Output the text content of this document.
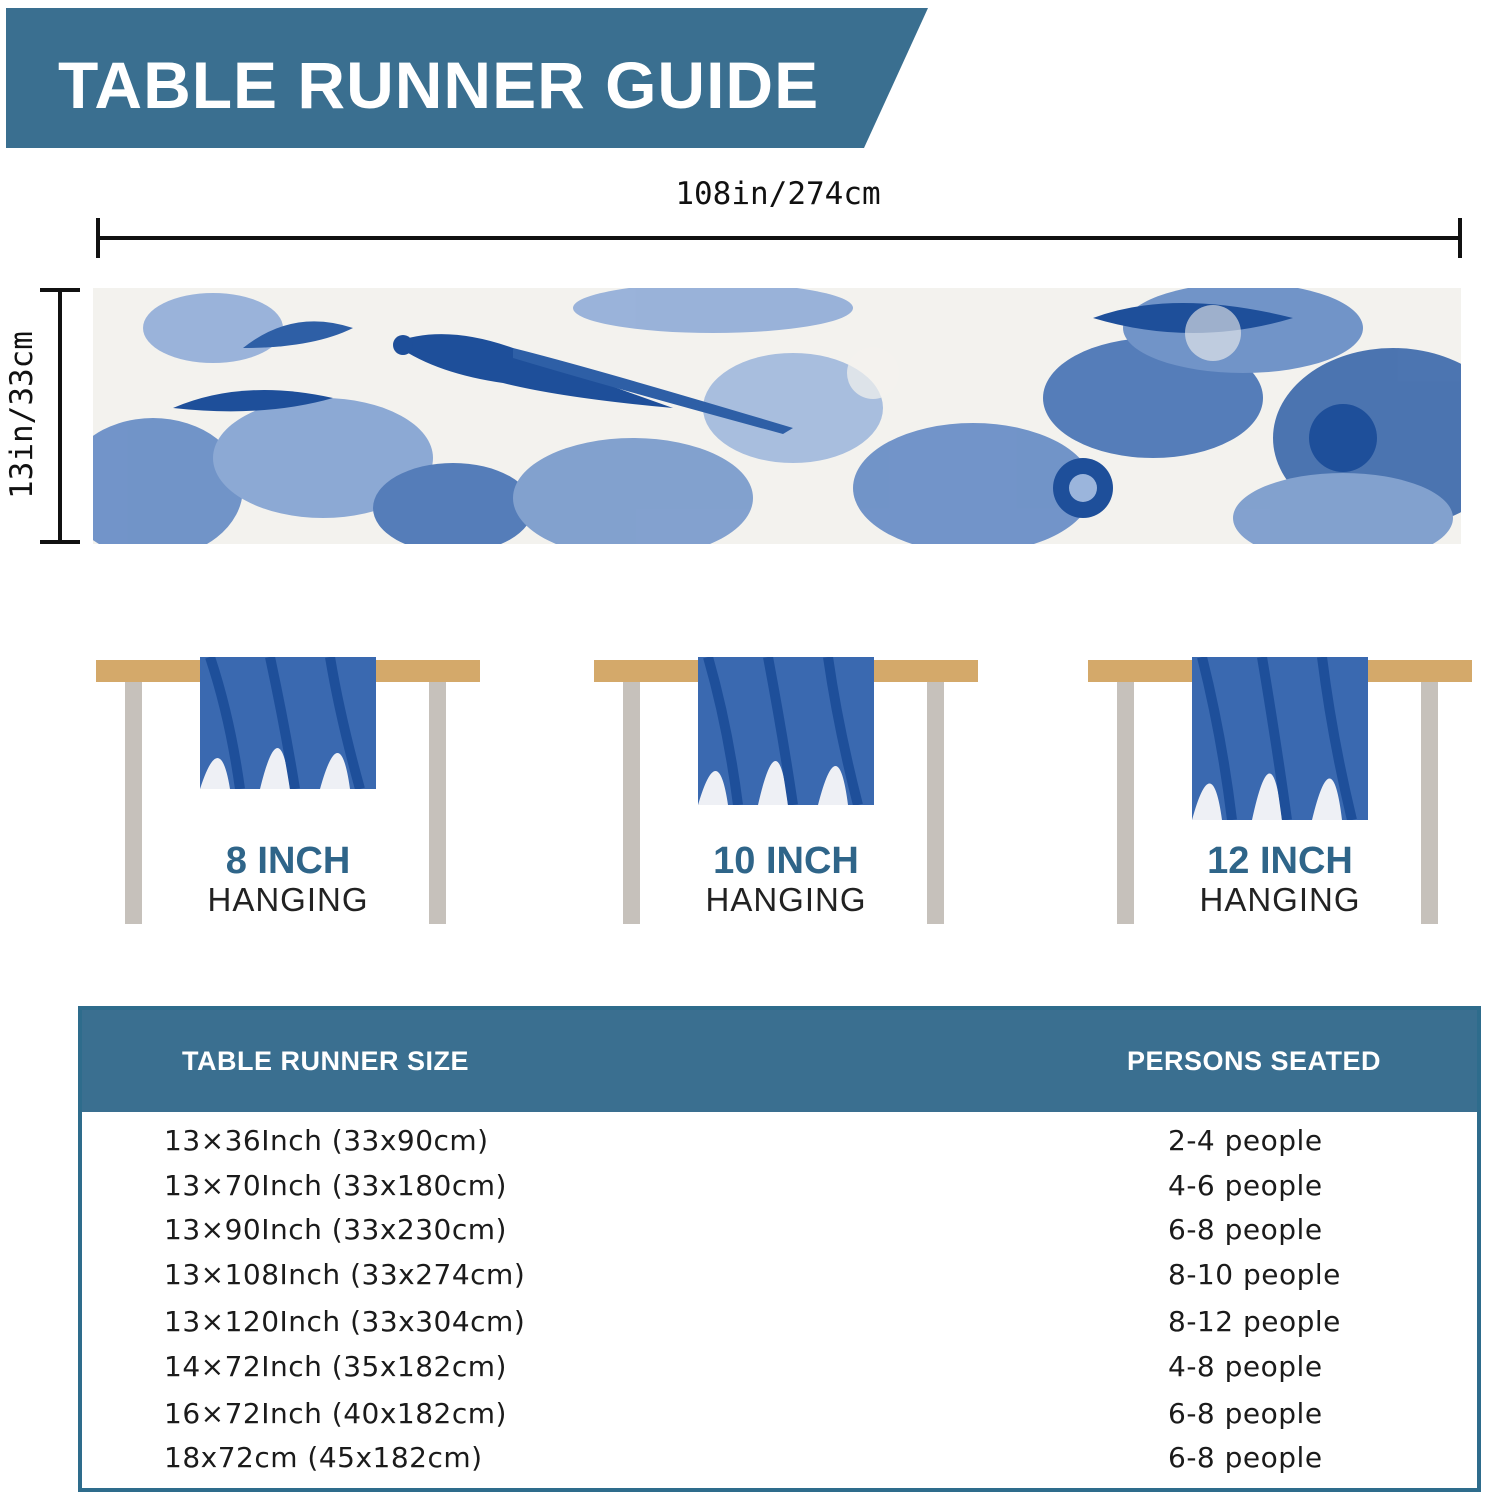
TABLE RUNNER GUIDE
108in/274cm
13in/33cm
8 INCH
HANGING
10 INCH
HANGING
12 INCH
HANGING
TABLE RUNNER SIZE	PERSONS SEATED
13×36Inch (33x90cm)	2-4 people
13×70Inch (33x180cm)	4-6 people
13×90Inch (33x230cm)	6-8 people
13×108Inch (33x274cm)	8-10 people
13×120Inch (33x304cm)	8-12 people
14×72Inch (35x182cm)	4-8 people
16×72Inch (40x182cm)	6-8 people
18x72cm (45x182cm)	6-8 people
